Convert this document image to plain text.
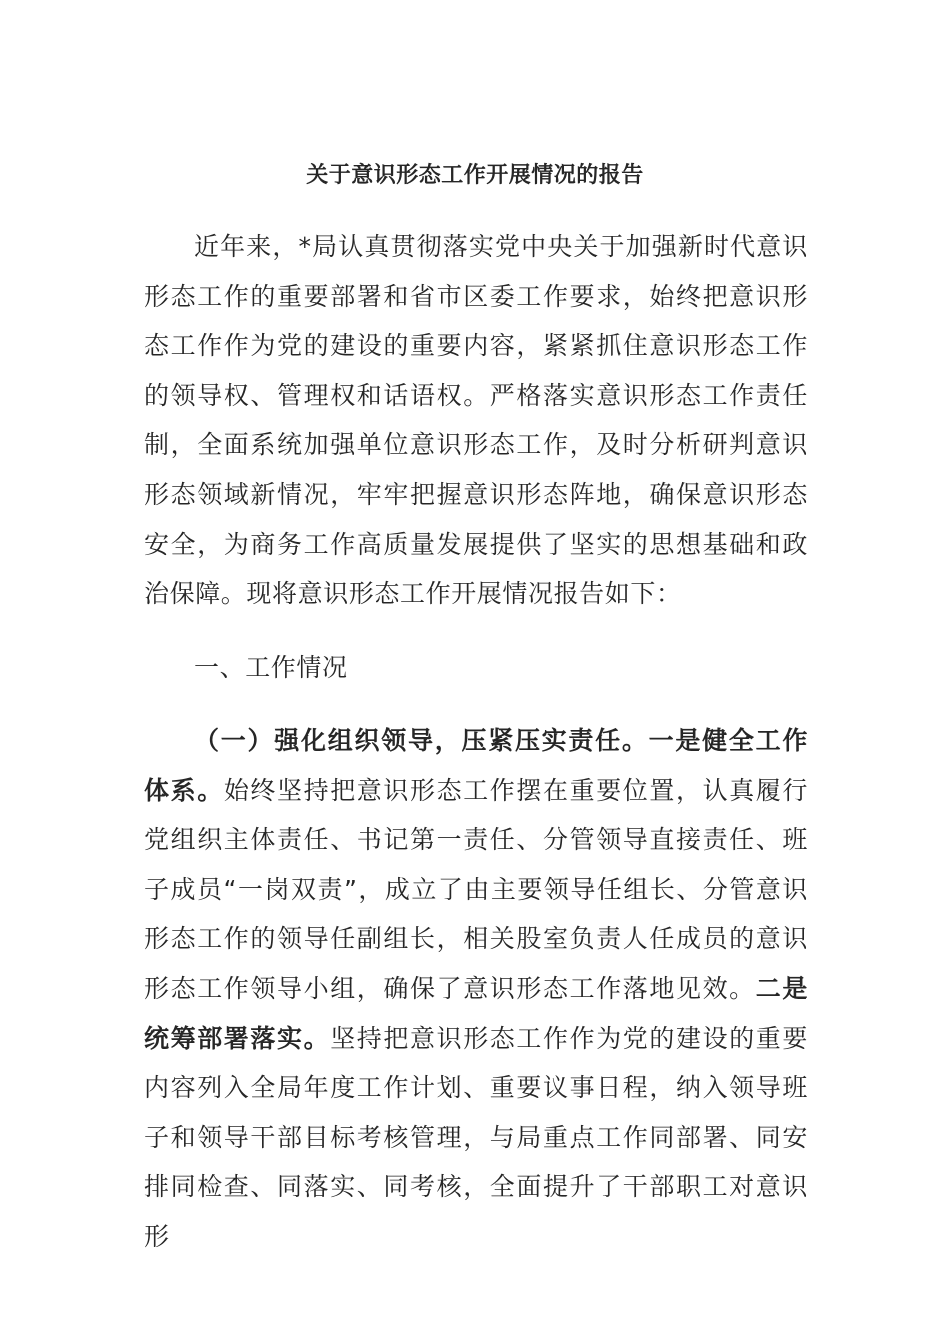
关于意识形态工作开展情况的报告

近年来，*局认真贯彻落实党中央关于加强新时代意识形态工作的重要部署和省市区委工作要求，始终把意识形态工作作为党的建设的重要内容，紧紧抓住意识形态工作的领导权、管理权和话语权。严格落实意识形态工作责任制，全面系统加强单位意识形态工作，及时分析研判意识形态领域新情况，牢牢把握意识形态阵地，确保意识形态安全，为商务工作高质量发展提供了坚实的思想基础和政治保障。现将意识形态工作开展情况报告如下：

一、工作情况

（一）强化组织领导，压紧压实责任。一是健全工作体系。始终坚持把意识形态工作摆在重要位置，认真履行党组织主体责任、书记第一责任、分管领导直接责任、班子成员“一岗双责”，成立了由主要领导任组长、分管意识形态工作的领导任副组长，相关股室负责人任成员的意识形态工作领导小组，确保了意识形态工作落地见效。二是统筹部署落实。坚持把意识形态工作作为党的建设的重要内容列入全局年度工作计划、重要议事日程，纳入领导班子和领导干部目标考核管理，与局重点工作同部署、同安排同检查、同落实、同考核，全面提升了干部职工对意识形
